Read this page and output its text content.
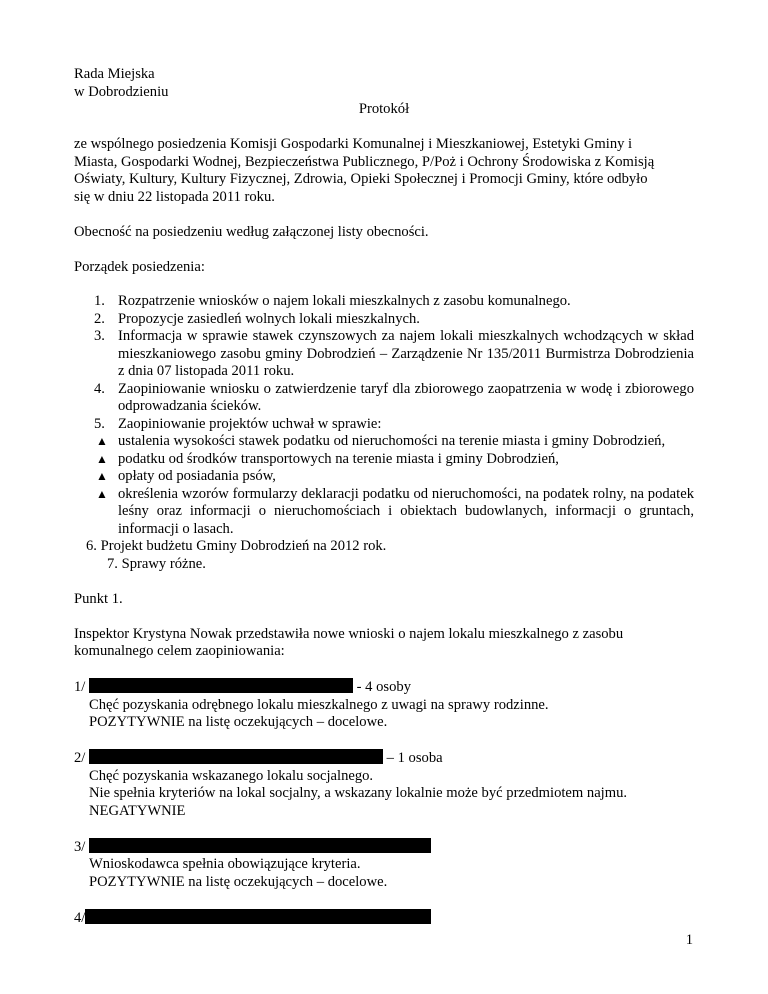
Rada Miejska
w Dobrodzieniu
Protokół
ze wspólnego posiedzenia Komisji Gospodarki Komunalnej i Mieszkaniowej, Estetyki Gminy i
Miasta, Gospodarki Wodnej, Bezpieczeństwa Publicznego, P/Poż i Ochrony Środowiska z Komisją
Oświaty, Kultury, Kultury Fizycznej, Zdrowia, Opieki Społecznej i Promocji Gminy, które odbyło
się w dniu 22 listopada 2011 roku.
Obecność na posiedzeniu według załączonej listy obecności.
Porządek posiedzenia:
1. Rozpatrzenie wniosków o najem lokali mieszkalnych z zasobu komunalnego.
2. Propozycje zasiedleń wolnych lokali mieszkalnych.
3. Informacja w sprawie stawek czynszowych za najem lokali mieszkalnych wchodzących w skład mieszkaniowego zasobu gminy Dobrodzień – Zarządzenie Nr 135/2011 Burmistrza Dobrodzienia z dnia 07 listopada 2011 roku.
4. Zaopiniowanie wniosku o zatwierdzenie taryf dla zbiorowego zaopatrzenia w wodę i zbiorowego odprowadzania ścieków.
5. Zaopiniowanie projektów uchwał w sprawie:
▲ ustalenia wysokości stawek podatku od nieruchomości na terenie miasta i gminy Dobrodzień,
▲ podatku od środków transportowych na terenie miasta i gminy Dobrodzień,
▲ opłaty od posiadania psów,
▲ określenia wzorów formularzy deklaracji podatku od nieruchomości, na podatek rolny, na podatek leśny oraz informacji o nieruchomościach i obiektach budowlanych, informacji o gruntach, informacji o lasach.
6. Projekt budżetu Gminy Dobrodzień na 2012 rok.
7. Sprawy różne.
Punkt 1.
Inspektor Krystyna Nowak przedstawiła nowe wnioski o najem lokalu mieszkalnego z zasobu
komunalnego celem zaopiniowania:
1/	- 4 osoby
Chęć pozyskania odrębnego lokalu mieszkalnego z uwagi na sprawy rodzinne.
POZYTYWNIE na listę oczekujących – docelowe.
2/	– 1 osoba
Chęć pozyskania wskazanego lokalu socjalnego.
Nie spełnia kryteriów na lokal socjalny, a wskazany lokalnie może być przedmiotem najmu.
NEGATYWNIE
3/
Wnioskodawca spełnia obowiązujące kryteria.
POZYTYWNIE na listę oczekujących – docelowe.
4/
1
